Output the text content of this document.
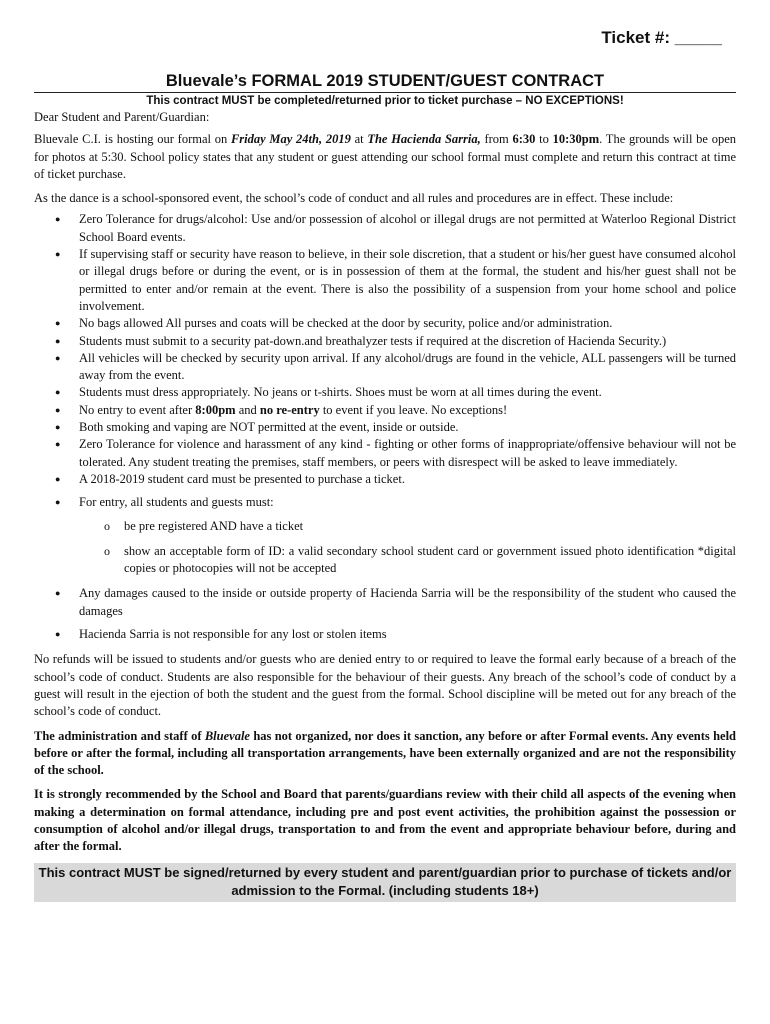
Ticket #: _____
Bluevale’s FORMAL 2019 STUDENT/GUEST CONTRACT
This contract MUST be completed/returned prior to ticket purchase – NO EXCEPTIONS!

Dear Student and Parent/Guardian:

Bluevale C.I. is hosting our formal on Friday May 24th, 2019 at The Hacienda Sarria, from 6:30 to 10:30pm. The grounds will be open for photos at 5:30. School policy states that any student or guest attending our school formal must complete and return this contract at time of ticket purchase.

As the dance is a school-sponsored event, the school’s code of conduct and all rules and procedures are in effect. These include:

● Zero Tolerance for drugs/alcohol: Use and/or possession of alcohol or illegal drugs are not permitted at Waterloo Regional District School Board events.
● If supervising staff or security have reason to believe, in their sole discretion, that a student or his/her guest have consumed alcohol or illegal drugs before or during the event, or is in possession of them at the formal, the student and his/her guest shall not be permitted to enter and/or remain at the event. There is also the possibility of a suspension from your home school and police involvement.
● No bags allowed All purses and coats will be checked at the door by security, police and/or administration.
● Students must submit to a security pat-down.and breathalyzer tests if required at the discretion of Hacienda Security.)
● All vehicles will be checked by security upon arrival. If any alcohol/drugs are found in the vehicle, ALL passengers will be turned away from the event.
● Students must dress appropriately. No jeans or t-shirts. Shoes must be worn at all times during the event.
● No entry to event after 8:00pm and no re-entry to event if you leave. No exceptions!
● Both smoking and vaping are NOT permitted at the event, inside or outside.
● Zero Tolerance for violence and harassment of any kind - fighting or other forms of inappropriate/offensive behaviour will not be tolerated. Any student treating the premises, staff members, or peers with disrespect will be asked to leave immediately.
● A 2018-2019 student card must be presented to purchase a ticket.
● For entry, all students and guests must:
o be pre registered AND have a ticket
o show an acceptable form of ID: a valid secondary school student card or government issued photo identification *digital copies or photocopies will not be accepted
● Any damages caused to the inside or outside property of Hacienda Sarria will be the responsibility of the student who caused the damages
● Hacienda Sarria is not responsible for any lost or stolen items

No refunds will be issued to students and/or guests who are denied entry to or required to leave the formal early because of a breach of the school’s code of conduct. Students are also responsible for the behaviour of their guests. Any breach of the school’s code of conduct by a guest will result in the ejection of both the student and the guest from the formal. School discipline will be meted out for any breach of the school’s code of conduct.

The administration and staff of Bluevale has not organized, nor does it sanction, any before or after Formal events. Any events held before or after the formal, including all transportation arrangements, have been externally organized and are not the responsibility of the school.

It is strongly recommended by the School and Board that parents/guardians review with their child all aspects of the evening when making a determination on formal attendance, including pre and post event activities, the prohibition against the possession or consumption of alcohol and/or illegal drugs, transportation to and from the event and appropriate behaviour before, during and after the formal.

This contract MUST be signed/returned by every student and parent/guardian prior to purchase of tickets and/or admission to the Formal. (including students 18+)
